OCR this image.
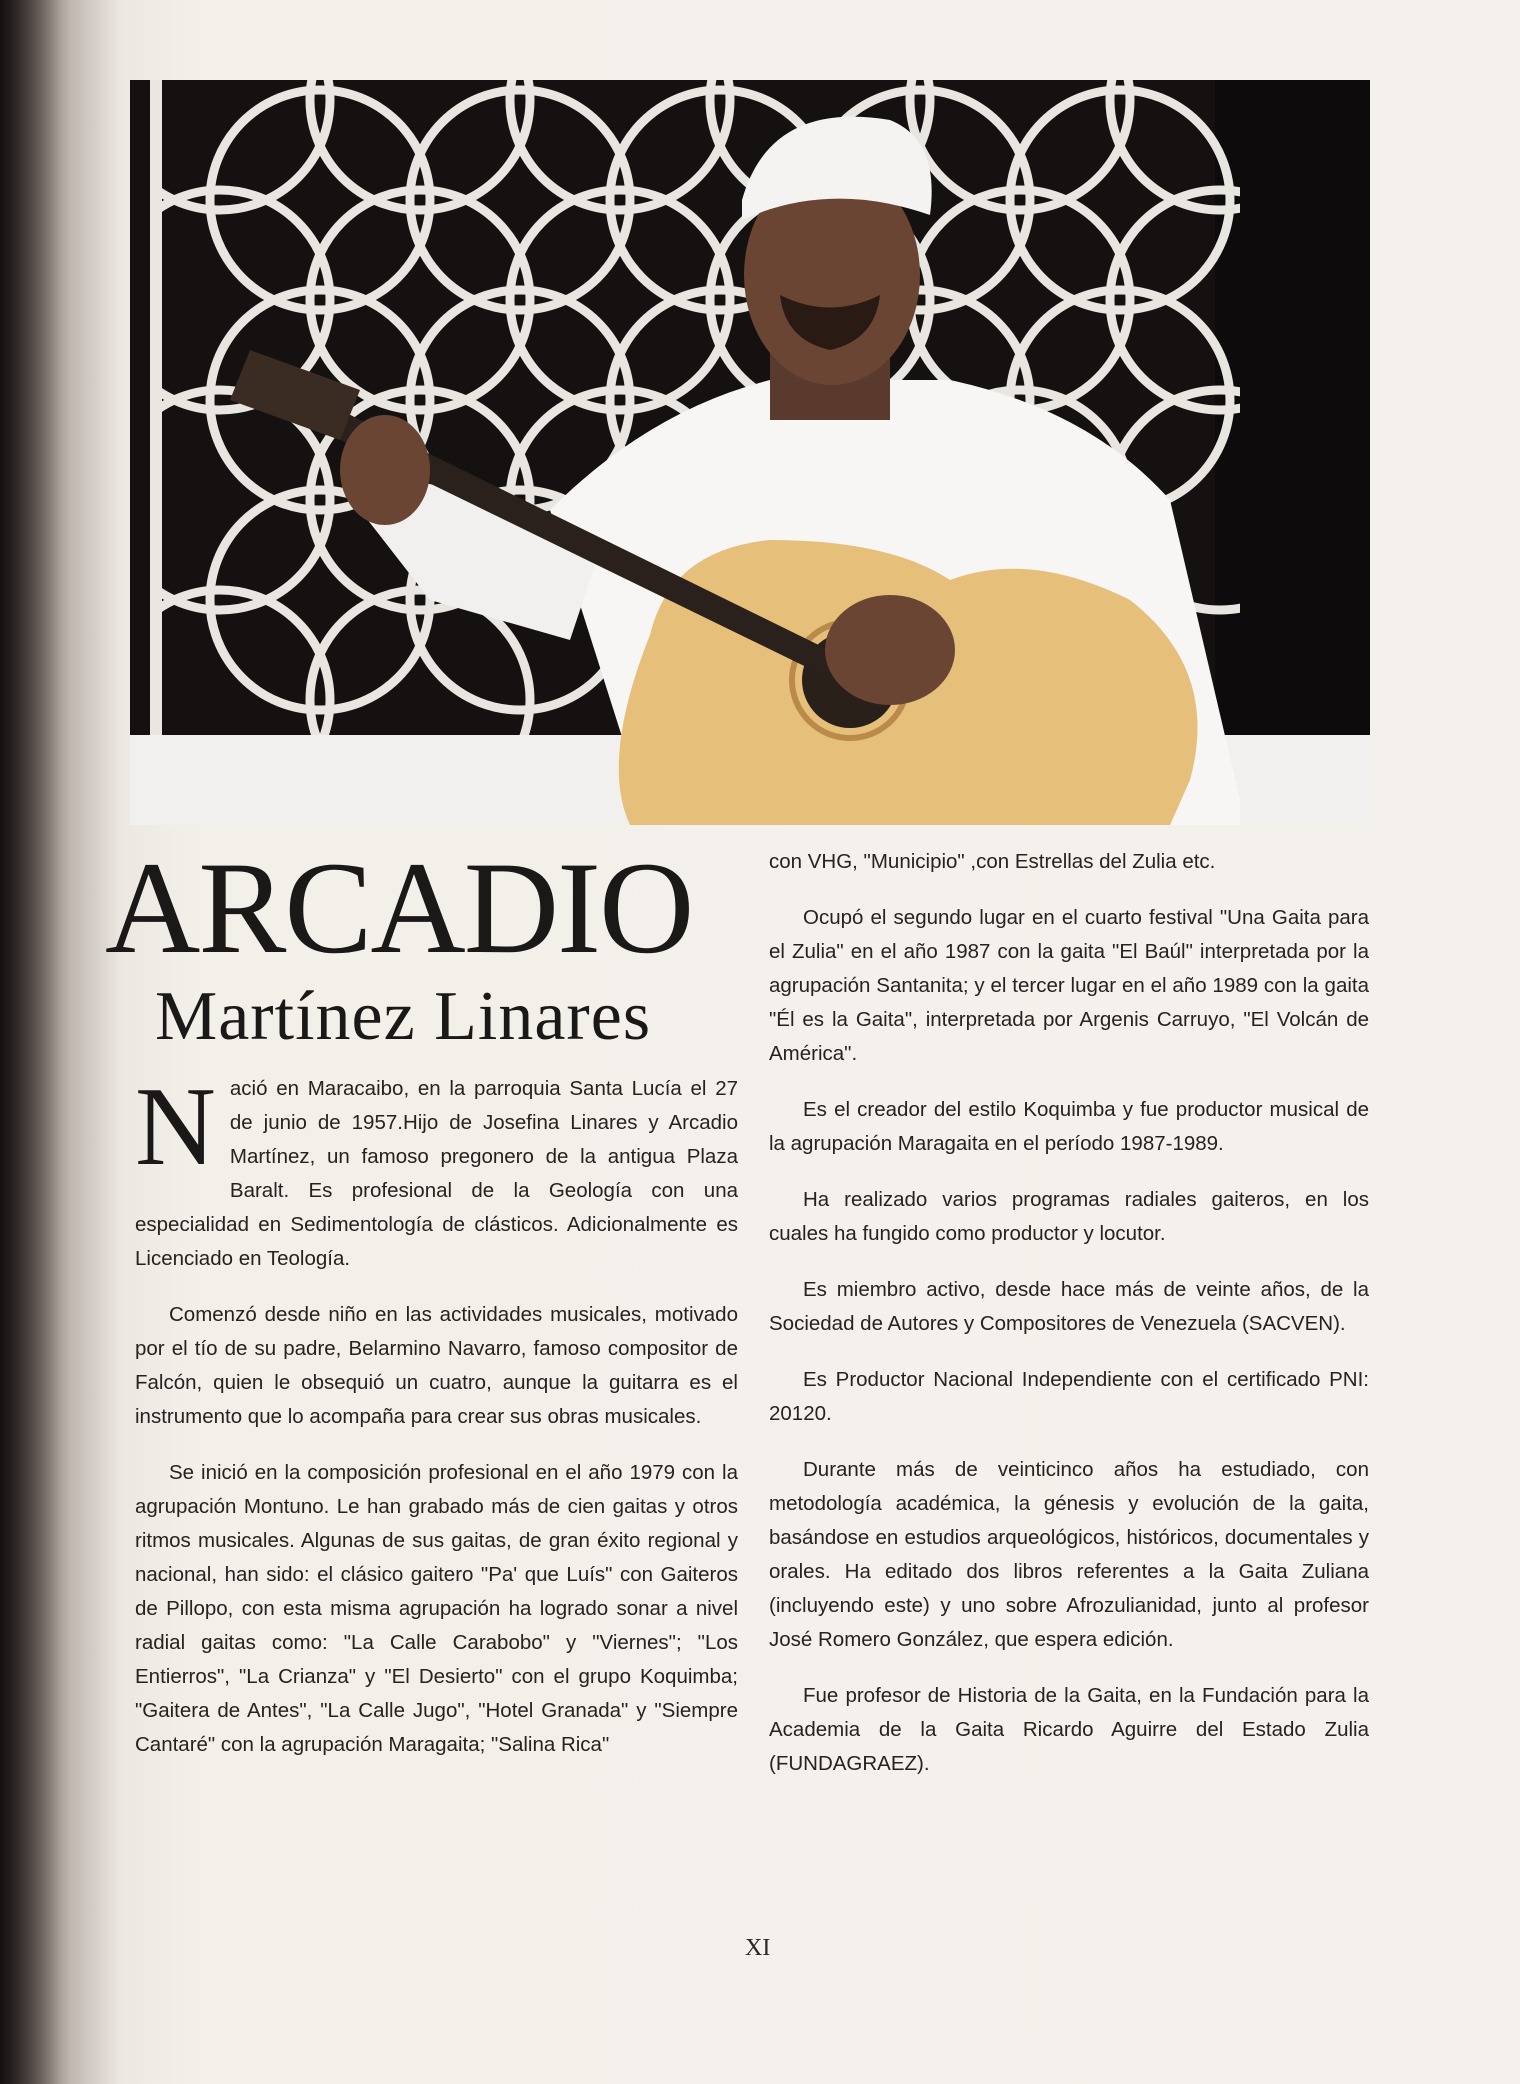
ARCADIO
Martínez Linares

Nació en Maracaibo, en la parroquia Santa Lucía el 27 de junio de 1957.Hijo de Josefina Linares y Arcadio Martínez, un famoso pregonero de la antigua Plaza Baralt. Es profesional de la Geología con una especialidad en Sedimentología de clásticos. Adicionalmente es Licenciado en Teología.

Comenzó desde niño en las actividades musicales, motivado por el tío de su padre, Belarmino Navarro, famoso compositor de Falcón, quien le obsequió un cuatro, aunque la guitarra es el instrumento que lo acompaña para crear sus obras musicales.

Se inició en la composición profesional en el año 1979 con la agrupación Montuno. Le han grabado más de cien gaitas y otros ritmos musicales. Algunas de sus gaitas, de gran éxito regional y nacional, han sido: el clásico gaitero "Pa' que Luís" con Gaiteros de Pillopo, con esta misma agrupación ha logrado sonar a nivel radial gaitas como: "La Calle Carabobo" y "Viernes"; "Los Entierros", "La Crianza" y "El Desierto" con el grupo Koquimba; "Gaitera de Antes", "La Calle Jugo", "Hotel Granada" y "Siempre Cantaré" con la agrupación Maragaita; "Salina Rica"

con VHG, "Municipio" ,con Estrellas del Zulia etc.

Ocupó el segundo lugar en el cuarto festival "Una Gaita para el Zulia" en el año 1987 con la gaita "El Baúl" interpretada por la agrupación Santanita; y el tercer lugar en el año 1989 con la gaita "Él es la Gaita", interpretada por Argenis Carruyo, "El Volcán de América".

Es el creador del estilo Koquimba y fue productor musical de la agrupación Maragaita en el período 1987-1989.

Ha realizado varios programas radiales gaiteros, en los cuales ha fungido como productor y locutor.

Es miembro activo, desde hace más de veinte años, de la Sociedad de Autores y Compositores de Venezuela (SACVEN).

Es Productor Nacional Independiente con el certificado PNI: 20120.

Durante más de veinticinco años ha estudiado, con metodología académica, la génesis y evolución de la gaita, basándose en estudios arqueológicos, históricos, documentales y orales. Ha editado dos libros referentes a la Gaita Zuliana (incluyendo este) y uno sobre Afrozulianidad, junto al profesor José Romero González, que espera edición.

Fue profesor de Historia de la Gaita, en la Fundación para la Academia de la Gaita Ricardo Aguirre del Estado Zulia (FUNDAGRAEZ).

XI
